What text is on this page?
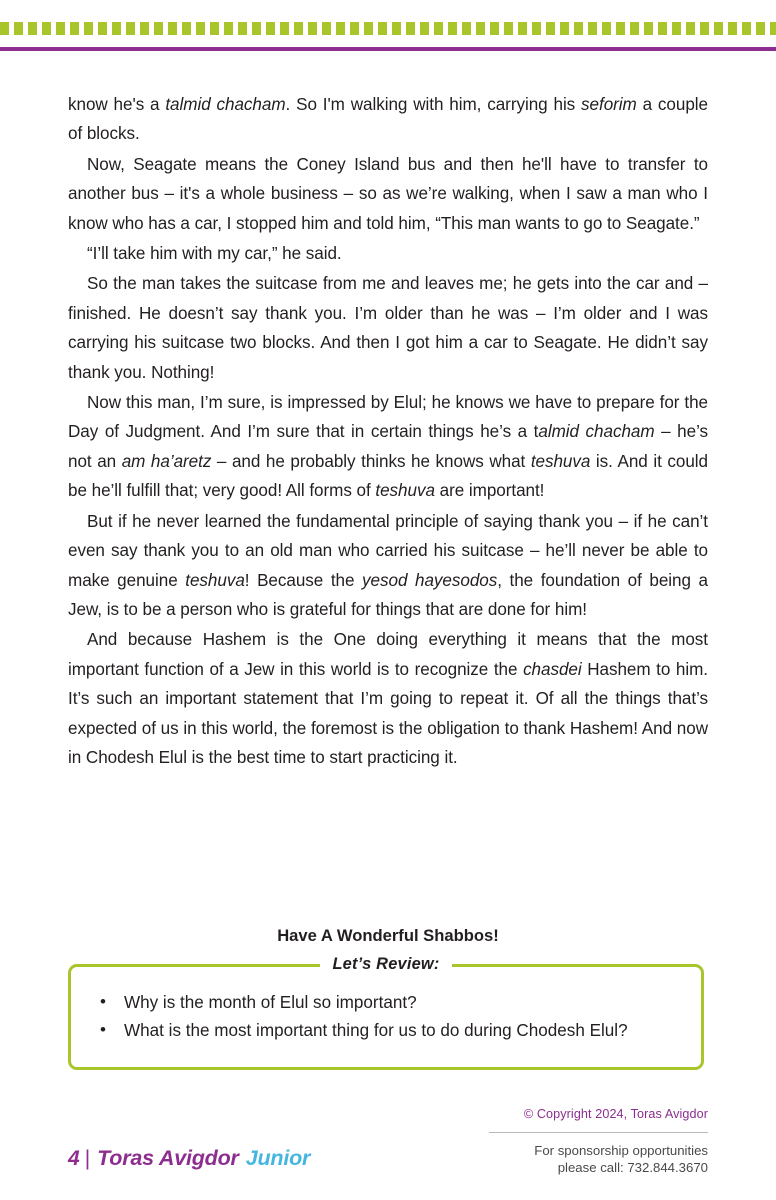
know he's a talmid chacham. So I'm walking with him, carrying his seforim a couple of blocks.

Now, Seagate means the Coney Island bus and then he'll have to transfer to another bus – it's a whole business – so as we’re walking, when I saw a man who I know who has a car, I stopped him and told him, “This man wants to go to Seagate.”

“I’ll take him with my car,” he said.

So the man takes the suitcase from me and leaves me; he gets into the car and – finished. He doesn’t say thank you. I’m older than he was – I’m older and I was carrying his suitcase two blocks. And then I got him a car to Seagate. He didn’t say thank you. Nothing!

Now this man, I’m sure, is impressed by Elul; he knows we have to prepare for the Day of Judgment. And I’m sure that in certain things he’s a talmid chacham – he’s not an am ha’aretz – and he probably thinks he knows what teshuva is. And it could be he’ll fulfill that; very good! All forms of teshuva are important!

But if he never learned the fundamental principle of saying thank you – if he can’t even say thank you to an old man who carried his suitcase – he’ll never be able to make genuine teshuva! Because the yesod hayesodos, the foundation of being a Jew, is to be a person who is grateful for things that are done for him!

And because Hashem is the One doing everything it means that the most important function of a Jew in this world is to recognize the chasdei Hashem to him. It’s such an important statement that I’m going to repeat it. Of all the things that’s expected of us in this world, the foremost is the obligation to thank Hashem! And now in Chodesh Elul is the best time to start practicing it.

Have A Wonderful Shabbos!
Let’s Review:
• Why is the month of Elul so important?
• What is the most important thing for us to do during Chodesh Elul?
© Copyright 2024, Toras Avigdor
4 | Toras Avigdor Junior	For sponsorship opportunities
please call: 732.844.3670
